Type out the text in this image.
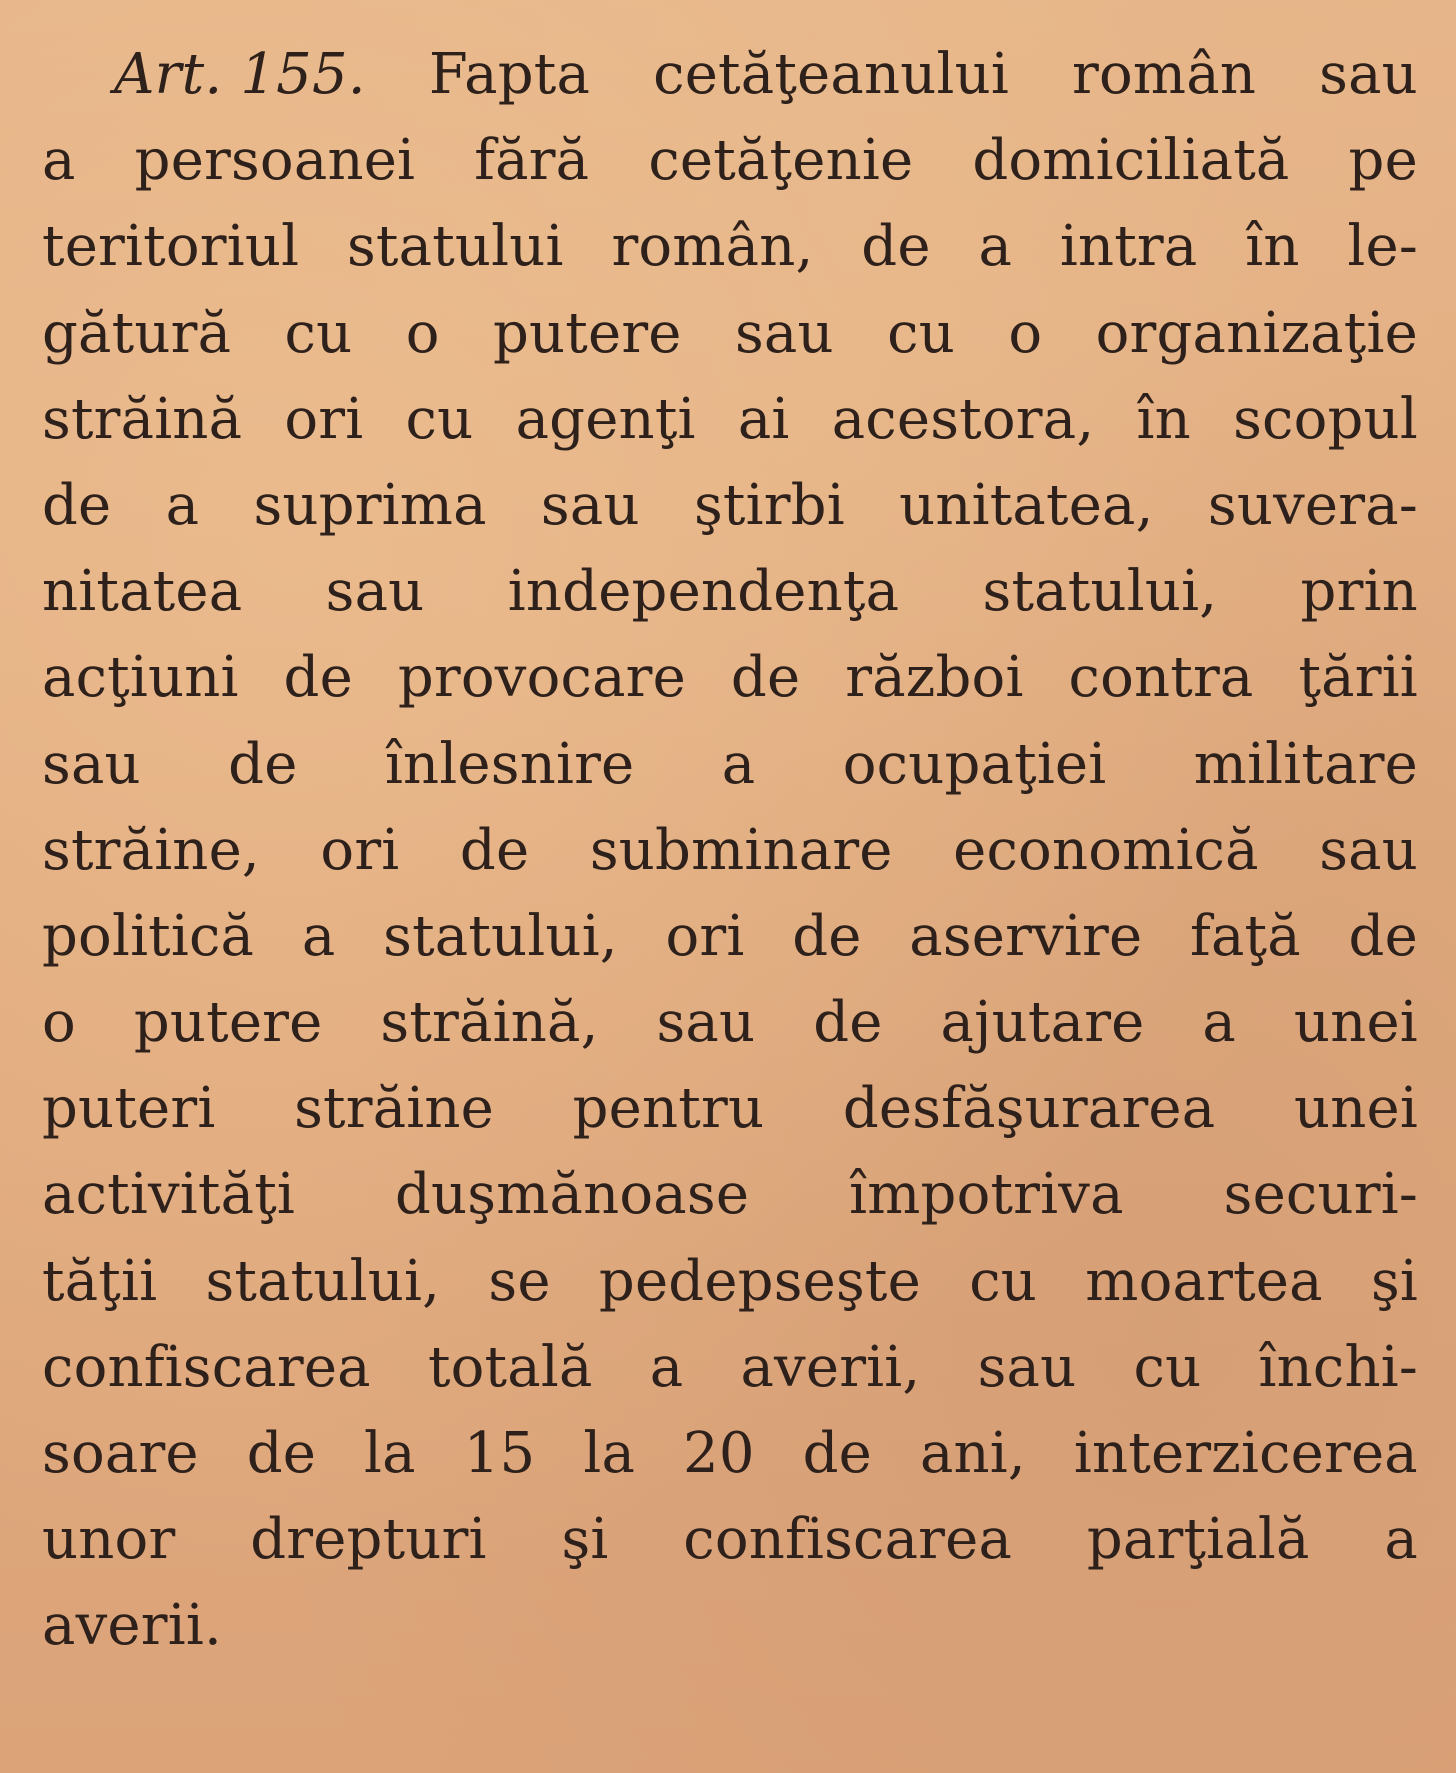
Art. 155. Fapta cetăţeanului român sau
a persoanei fără cetăţenie domiciliată pe
teritoriul statului român, de a intra în le-
gătură cu o putere sau cu o organizaţie
străină ori cu agenţi ai acestora, în scopul
de a suprima sau ştirbi unitatea, suvera-
nitatea sau independenţa statului, prin
acţiuni de provocare de război contra ţării
sau de înlesnire a ocupaţiei militare
străine, ori de subminare economică sau
politică a statului, ori de aservire faţă de
o putere străină, sau de ajutare a unei
puteri străine pentru desfăşurarea unei
activităţi duşmănoase împotriva securi-
tăţii statului, se pedepseşte cu moartea şi
confiscarea totală a averii, sau cu închi-
soare de la 15 la 20 de ani, interzicerea
unor drepturi şi confiscarea parţială a
averii.
